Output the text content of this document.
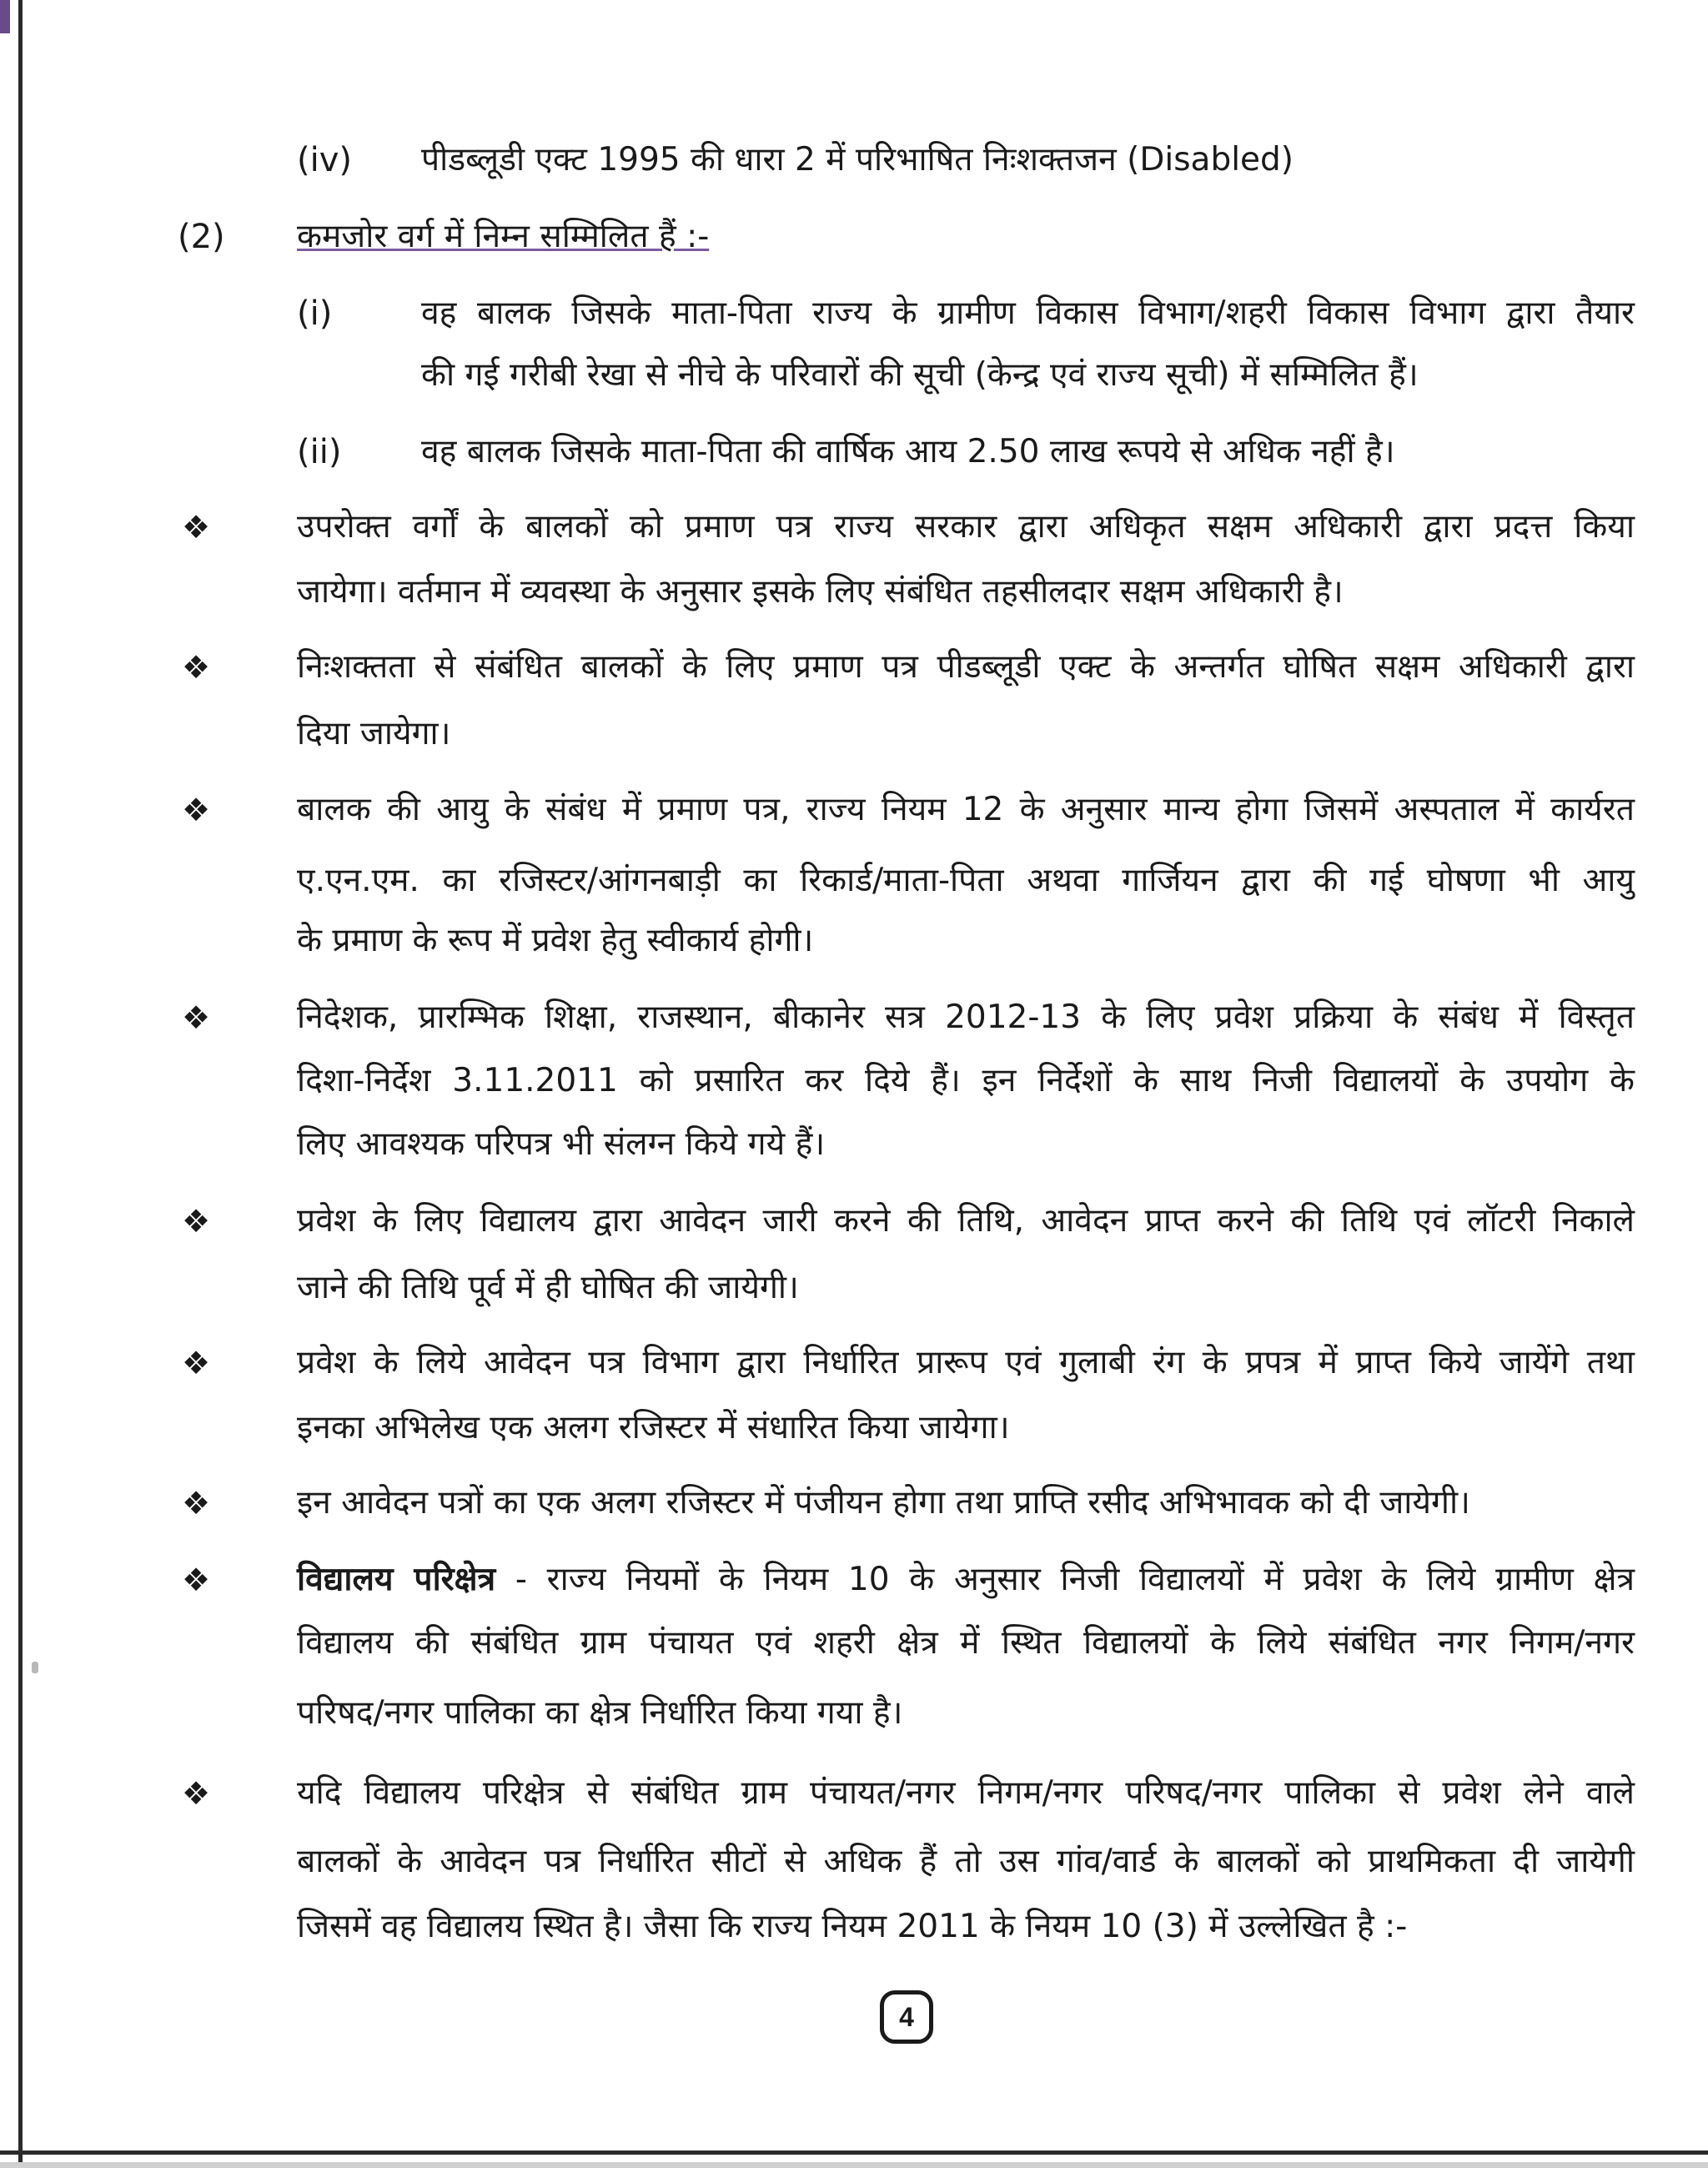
(iv) पीडब्लूडी एक्ट 1995 की धारा 2 में परिभाषित निःशक्तजन (Disabled)
(2) कमजोर वर्ग में निम्न सम्मिलित हैं :-
(i)	वह बालक जिसके माता-पिता राज्य के ग्रामीण विकास विभाग/शहरी विकास विभाग द्वारा तैयार
की गई गरीबी रेखा से नीचे के परिवारों की सूची (केन्द्र एवं राज्य सूची) में सम्मिलित हैं।
(ii) वह बालक जिसके माता-पिता की वार्षिक आय 2.50 लाख रूपये से अधिक नहीं है।
❖	उपरोक्त वर्गों के बालकों को प्रमाण पत्र राज्य सरकार द्वारा अधिकृत सक्षम अधिकारी द्वारा प्रदत्त किया
जायेगा। वर्तमान में व्यवस्था के अनुसार इसके लिए संबंधित तहसीलदार सक्षम अधिकारी है।
❖	निःशक्तता से संबंधित बालकों के लिए प्रमाण पत्र पीडब्लूडी एक्ट के अन्तर्गत घोषित सक्षम अधिकारी द्वारा
दिया जायेगा।
❖	बालक की आयु के संबंध में प्रमाण पत्र, राज्य नियम 12 के अनुसार मान्य होगा जिसमें अस्पताल में कार्यरत
ए.एन.एम. का रजिस्टर/आंगनबाड़ी का रिकार्ड/माता-पिता अथवा गार्जियन द्वारा की गई घोषणा भी आयु
के प्रमाण के रूप में प्रवेश हेतु स्वीकार्य होगी।
❖	निदेशक, प्रारम्भिक शिक्षा, राजस्थान, बीकानेर सत्र 2012-13 के लिए प्रवेश प्रक्रिया के संबंध में विस्तृत
दिशा-निर्देश 3.11.2011 को प्रसारित कर दिये हैं। इन निर्देशों के साथ निजी विद्यालयों के उपयोग के
लिए आवश्यक परिपत्र भी संलग्न किये गये हैं।
❖	प्रवेश के लिए विद्यालय द्वारा आवेदन जारी करने की तिथि, आवेदन प्राप्त करने की तिथि एवं लॉटरी निकाले
जाने की तिथि पूर्व में ही घोषित की जायेगी।
❖	प्रवेश के लिये आवेदन पत्र विभाग द्वारा निर्धारित प्रारूप एवं गुलाबी रंग के प्रपत्र में प्राप्त किये जायेंगे तथा
इनका अभिलेख एक अलग रजिस्टर में संधारित किया जायेगा।
❖	इन आवेदन पत्रों का एक अलग रजिस्टर में पंजीयन होगा तथा प्राप्ति रसीद अभिभावक को दी जायेगी।
❖	विद्यालय परिक्षेत्र - राज्य नियमों के नियम 10 के अनुसार निजी विद्यालयों में प्रवेश के लिये ग्रामीण क्षेत्र
विद्यालय की संबंधित ग्राम पंचायत एवं शहरी क्षेत्र में स्थित विद्यालयों के लिये संबंधित नगर निगम/नगर
परिषद/नगर पालिका का क्षेत्र निर्धारित किया गया है।
❖	यदि विद्यालय परिक्षेत्र से संबंधित ग्राम पंचायत/नगर निगम/नगर परिषद/नगर पालिका से प्रवेश लेने वाले
बालकों के आवेदन पत्र निर्धारित सीटों से अधिक हैं तो उस गांव/वार्ड के बालकों को प्राथमिकता दी जायेगी
जिसमें वह विद्यालय स्थित है। जैसा कि राज्य नियम 2011 के नियम 10 (3) में उल्लेखित है :-
4
